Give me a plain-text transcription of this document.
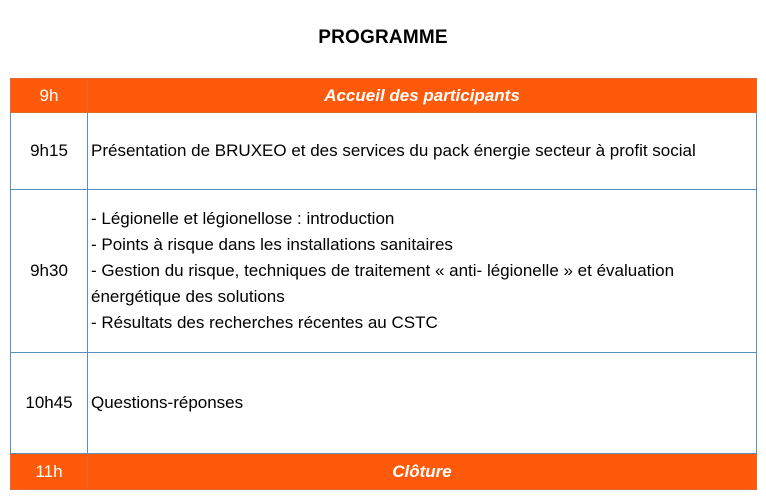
PROGRAMME
9h	Accueil des participants
9h15	Présentation de BRUXEO et des services du pack énergie secteur à profit social
9h30	- Légionelle et légionellose : introduction
- Points à risque dans les installations sanitaires
- Gestion du risque, techniques de traitement « anti- légionelle » et évaluation énergétique des solutions
- Résultats des recherches récentes au CSTC

10h45	Questions-réponses
11h	Clôture
